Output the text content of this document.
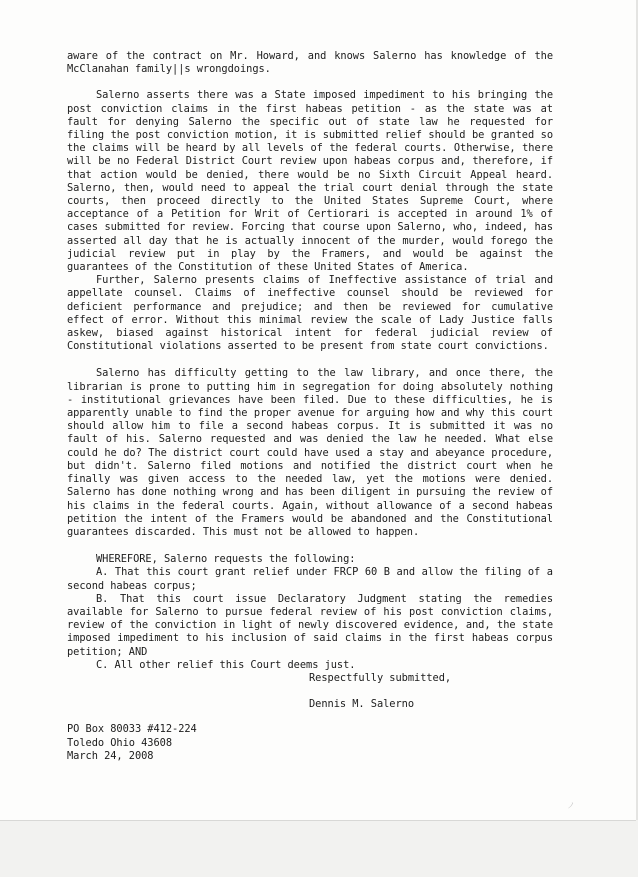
aware of the contract on Mr. Howard, and knows Salerno has knowledge of the McClanahan family||s wrongdoings.

Salerno asserts there was a State imposed impediment to his bringing the post conviction claims in the first habeas petition - as the state was at fault for denying Salerno the specific out of state law he requested for filing the post conviction motion, it is submitted relief should be granted so the claims will be heard by all levels of the federal courts. Otherwise, there will be no Federal District Court review upon habeas corpus and, therefore, if that action would be denied, there would be no Sixth Circuit Appeal heard. Salerno, then, would need to appeal the trial court denial through the state courts, then proceed directly to the United States Supreme Court, where acceptance of a Petition for Writ of Certiorari is accepted in around 1% of cases submitted for review. Forcing that course upon Salerno, who, indeed, has asserted all day that he is actually innocent of the murder, would forego the judicial review put in play by the Framers, and would be against the guarantees of the Constitution of these United States of America.

Further, Salerno presents claims of Ineffective assistance of trial and appellate counsel. Claims of ineffective counsel should be reviewed for deficient performance and prejudice; and then be reviewed for cumulative effect of error. Without this minimal review the scale of Lady Justice falls askew, biased against historical intent for federal judicial review of Constitutional violations asserted to be present from state court convictions.

Salerno has difficulty getting to the law library, and once there, the librarian is prone to putting him in segregation for doing absolutely nothing - institutional grievances have been filed. Due to these difficulties, he is apparently unable to find the proper avenue for arguing how and why this court should allow him to file a second habeas corpus. It is submitted it was no fault of his. Salerno requested and was denied the law he needed. What else could he do? The district court could have used a stay and abeyance procedure, but didn't. Salerno filed motions and notified the district court when he finally was given access to the needed law, yet the motions were denied. Salerno has done nothing wrong and has been diligent in pursuing the review of his claims in the federal courts. Again, without allowance of a second habeas petition the intent of the Framers would be abandoned and the Constitutional guarantees discarded. This must not be allowed to happen.

WHEREFORE, Salerno requests the following:

A. That this court grant relief under FRCP 60 B and allow the filing of a second habeas corpus;

B. That this court issue Declaratory Judgment stating the remedies available for Salerno to pursue federal review of his post conviction claims, review of the conviction in light of newly discovered evidence, and, the state imposed impediment to his inclusion of said claims in the first habeas corpus petition; AND

C. All other relief this Court deems just.

Respectfully submitted,

Dennis M. Salerno

PO Box 80033 #412-224
Toledo Ohio 43608
March 24, 2008
ノ
